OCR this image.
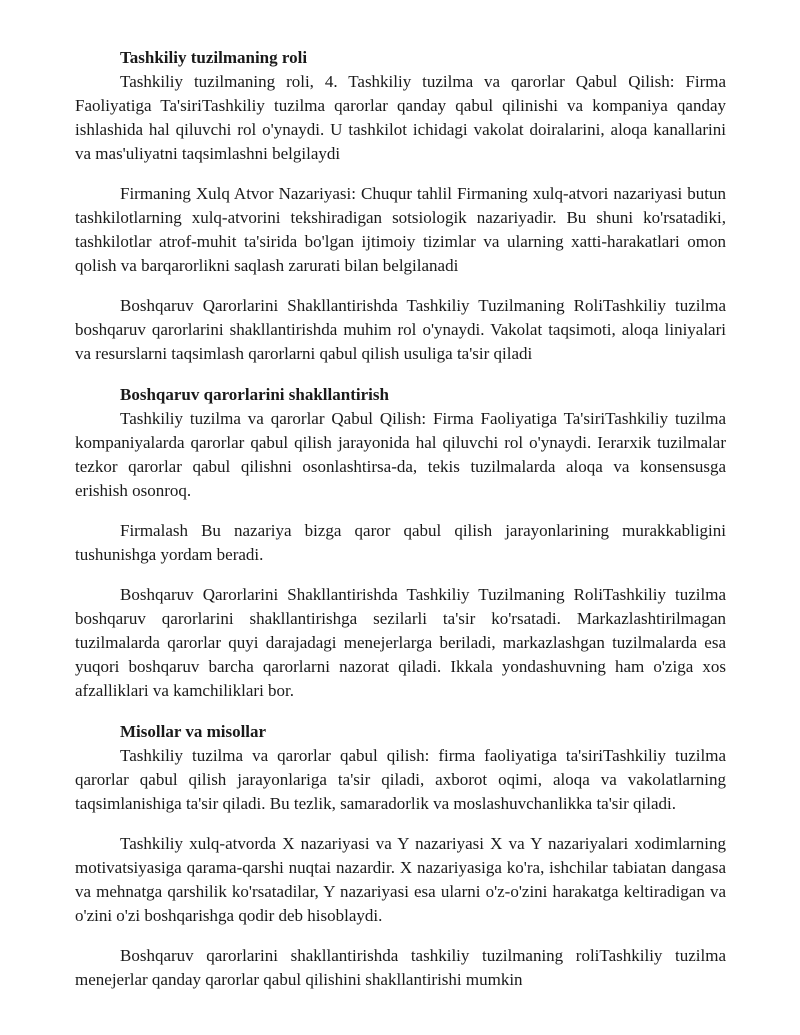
Tashkiliy tuzilmaning roli

Tashkiliy tuzilmaning roli, 4. Tashkiliy tuzilma va qarorlar Qabul Qilish: Firma Faoliyatiga Ta'siriTashkiliy tuzilma qarorlar qanday qabul qilinishi va kompaniya qanday ishlashida hal qiluvchi rol o'ynaydi. U tashkilot ichidagi vakolat doiralarini, aloqa kanallarini va mas'uliyatni taqsimlashni belgilaydi

Firmaning Xulq Atvor Nazariyasi: Chuqur tahlil Firmaning xulq-atvori nazariyasi butun tashkilotlarning xulq-atvorini tekshiradigan sotsiologik nazariyadir. Bu shuni ko'rsatadiki, tashkilotlar atrof-muhit ta'sirida bo'lgan ijtimoiy tizimlar va ularning xatti-harakatlari omon qolish va barqarorlikni saqlash zarurati bilan belgilanadi

Boshqaruv Qarorlarini Shakllantirishda Tashkiliy Tuzilmaning RoliTashkiliy tuzilma boshqaruv qarorlarini shakllantirishda muhim rol o'ynaydi. Vakolat taqsimoti, aloqa liniyalari va resurslarni taqsimlash qarorlarni qabul qilish usuliga ta'sir qiladi

Boshqaruv qarorlarini shakllantirish

Tashkiliy tuzilma va qarorlar Qabul Qilish: Firma Faoliyatiga Ta'siriTashkiliy tuzilma kompaniyalarda qarorlar qabul qilish jarayonida hal qiluvchi rol o'ynaydi. Ierarxik tuzilmalar tezkor qarorlar qabul qilishni osonlashtirsa-da, tekis tuzilmalarda aloqa va konsensusga erishish osonroq.

Firmalash Bu nazariya bizga qaror qabul qilish jarayonlarining murakkabligini tushunishga yordam beradi.

Boshqaruv Qarorlarini Shakllantirishda Tashkiliy Tuzilmaning RoliTashkiliy tuzilma boshqaruv qarorlarini shakllantirishga sezilarli ta'sir ko'rsatadi. Markazlashtirilmagan tuzilmalarda qarorlar quyi darajadagi menejerlarga beriladi, markazlashgan tuzilmalarda esa yuqori boshqaruv barcha qarorlarni nazorat qiladi. Ikkala yondashuvning ham o'ziga xos afzalliklari va kamchiliklari bor.

Misollar va misollar

Tashkiliy tuzilma va qarorlar qabul qilish: firma faoliyatiga ta'siriTashkiliy tuzilma qarorlar qabul qilish jarayonlariga ta'sir qiladi, axborot oqimi, aloqa va vakolatlarning taqsimlanishiga ta'sir qiladi. Bu tezlik, samaradorlik va moslashuvchanlikka ta'sir qiladi.

Tashkiliy xulq-atvorda X nazariyasi va Y nazariyasi X va Y nazariyalari xodimlarning motivatsiyasiga qarama-qarshi nuqtai nazardir. X nazariyasiga ko'ra, ishchilar tabiatan dangasa va mehnatga qarshilik ko'rsatadilar, Y nazariyasi esa ularni o'z-o'zini harakatga keltiradigan va o'zini o'zi boshqarishga qodir deb hisoblaydi.

Boshqaruv qarorlarini shakllantirishda tashkiliy tuzilmaning roliTashkiliy tuzilma menejerlar qanday qarorlar qabul qilishini shakllantirishi mumkin
